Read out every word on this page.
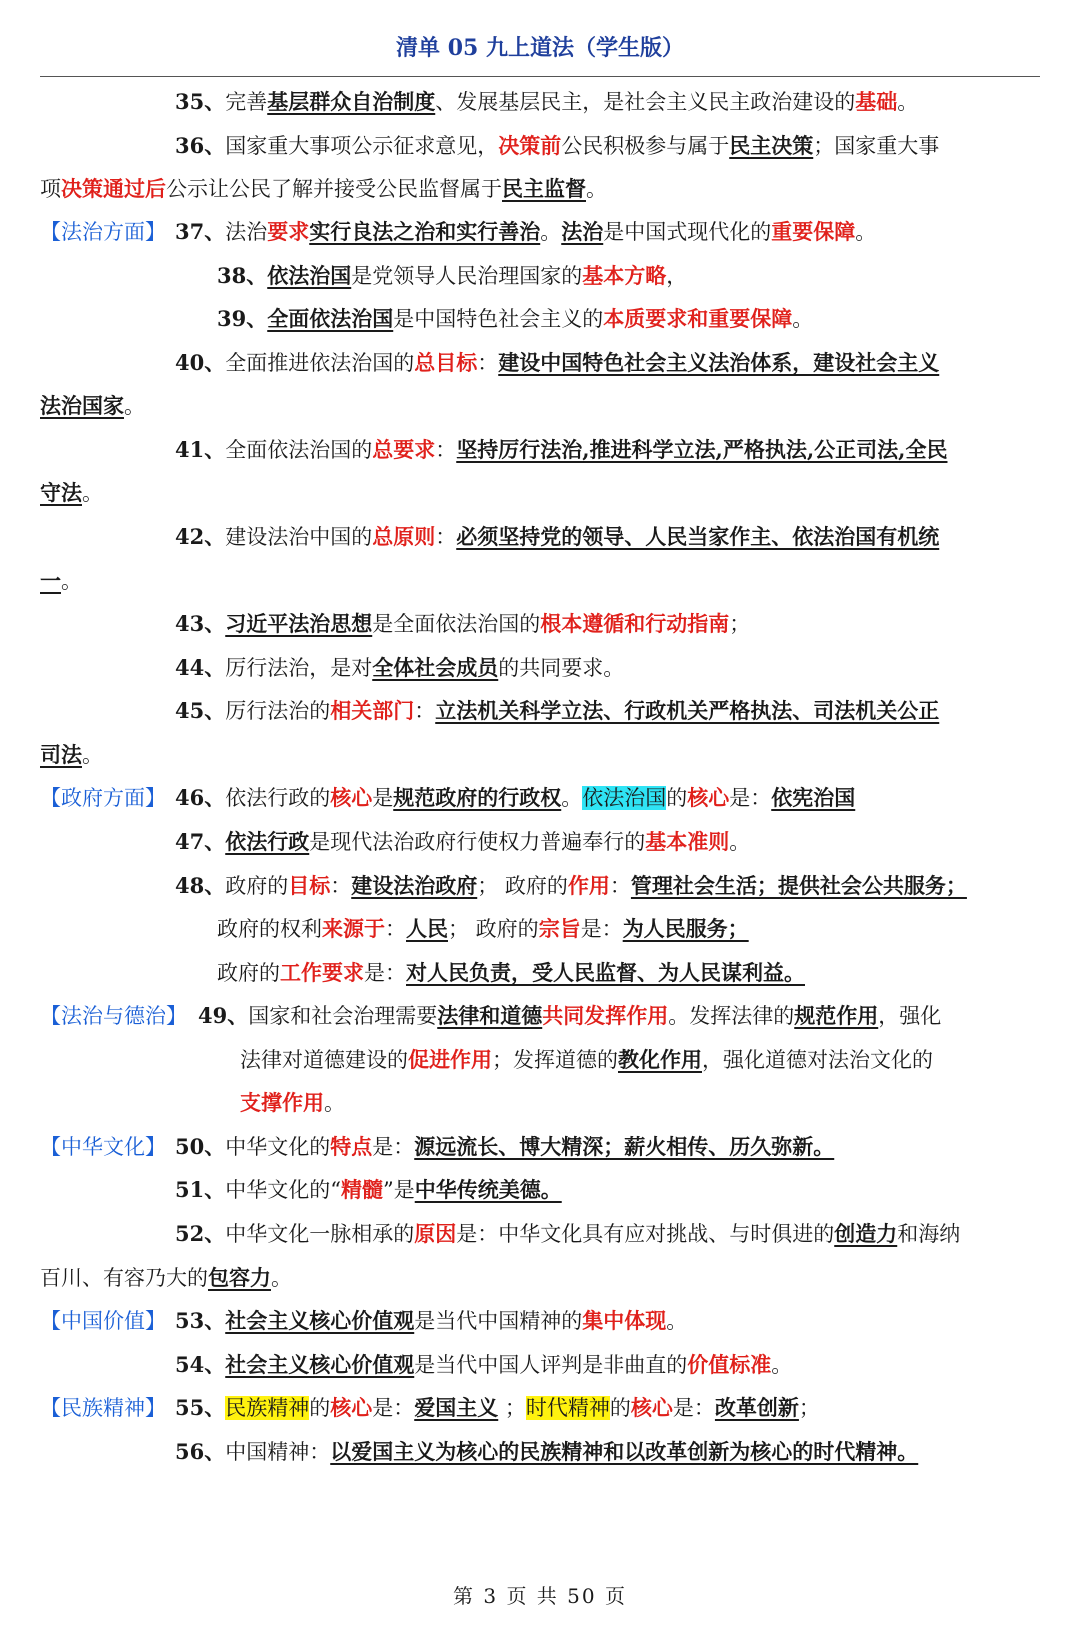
清单 05 九上道法（学生版）
35、完善基层群众自治制度、发展基层民主，是社会主义民主政治建设的基础。
36、国家重大事项公示征求意见，决策前公民积极参与属于民主决策；国家重大事
项决策通过后公示让公民了解并接受公民监督属于民主监督。
【法治方面】 37、法治要求实行良法之治和实行善治。法治是中国式现代化的重要保障。
38、依法治国是党领导人民治理国家的基本方略，
39、全面依法治国是中国特色社会主义的本质要求和重要保障。
40、全面推进依法治国的总目标：建设中国特色社会主义法治体系，建设社会主义
法治国家。
41、全面依法治国的总要求：坚持厉行法治,推进科学立法,严格执法,公正司法,全民
守法。
42、建设法治中国的总原则：必须坚持党的领导、人民当家作主、依法治国有机统
一。
43、习近平法治思想是全面依法治国的根本遵循和行动指南；
44、厉行法治，是对全体社会成员的共同要求。
45、厉行法治的相关部门：立法机关科学立法、行政机关严格执法、司法机关公正
司法。
【政府方面】 46、依法行政的核心是规范政府的行政权。依法治国的核心是：依宪治国
47、依法行政是现代法治政府行使权力普遍奉行的基本准则。
48、政府的目标：建设法治政府； 政府的作用：管理社会生活；提供社会公共服务；
政府的权利来源于：人民； 政府的宗旨是：为人民服务；
政府的工作要求是：对人民负责，受人民监督、为人民谋利益。
【法治与德治】 49、国家和社会治理需要法律和道德共同发挥作用。发挥法律的规范作用，强化
法律对道德建设的促进作用；发挥道德的教化作用，强化道德对法治文化的
支撑作用。
【中华文化】 50、中华文化的特点是：源远流长、博大精深；薪火相传、历久弥新。
51、中华文化的“精髓”是中华传统美德。
52、中华文化一脉相承的原因是：中华文化具有应对挑战、与时俱进的创造力和海纳
百川、有容乃大的包容力。
【中国价值】 53、社会主义核心价值观是当代中国精神的集中体现。
54、社会主义核心价值观是当代中国人评判是非曲直的价值标准。
【民族精神】 55、民族精神的核心是：爱国主义 ；时代精神的核心是：改革创新；
56、中国精神：以爱国主义为核心的民族精神和以改革创新为核心的时代精神。
第 3 页 共 50 页
